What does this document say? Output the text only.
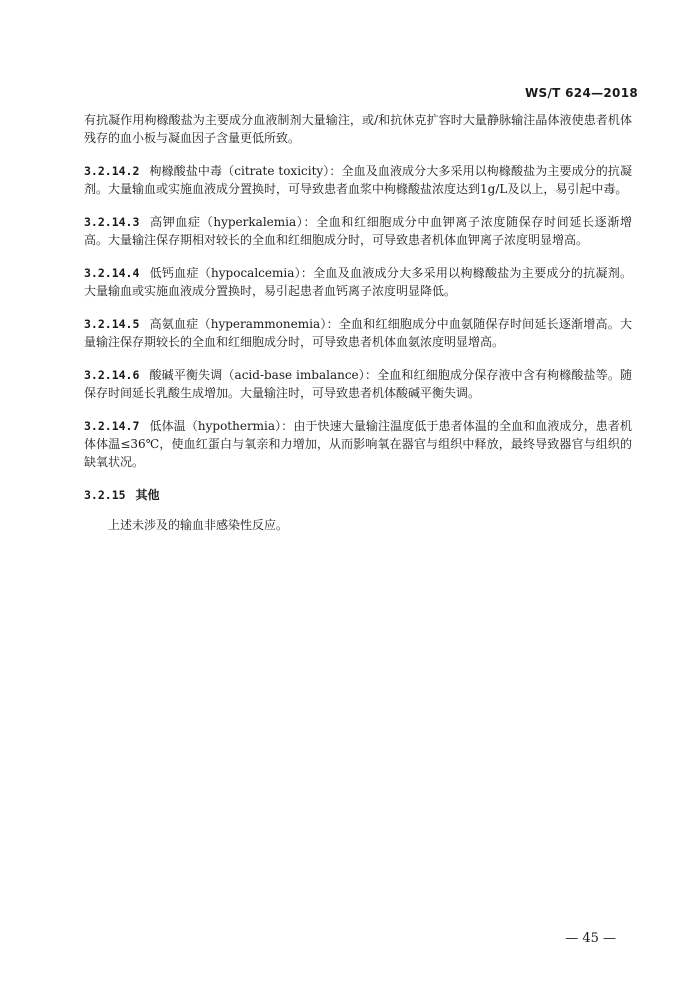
WS/T 624—2018

有抗凝作用枸橼酸盐为主要成分血液制剂大量输注，或/和抗休克扩容时大量静脉输注晶体液使患者机体残存的血小板与凝血因子含量更低所致。

3.2.14.2 枸橼酸盐中毒（citrate toxicity）：全血及血液成分大多采用以枸橼酸盐为主要成分的抗凝剂。大量输血或实施血液成分置换时，可导致患者血浆中枸橼酸盐浓度达到1g/L及以上，易引起中毒。

3.2.14.3 高钾血症（hyperkalemia）：全血和红细胞成分中血钾离子浓度随保存时间延长逐渐增高。大量输注保存期相对较长的全血和红细胞成分时，可导致患者机体血钾离子浓度明显增高。

3.2.14.4 低钙血症（hypocalcemia）：全血及血液成分大多采用以枸橼酸盐为主要成分的抗凝剂。大量输血或实施血液成分置换时，易引起患者血钙离子浓度明显降低。

3.2.14.5 高氨血症（hyperammonemia）：全血和红细胞成分中血氨随保存时间延长逐渐增高。大量输注保存期较长的全血和红细胞成分时，可导致患者机体血氨浓度明显增高。

3.2.14.6 酸碱平衡失调（acid-base imbalance）：全血和红细胞成分保存液中含有枸橼酸盐等。随保存时间延长乳酸生成增加。大量输注时，可导致患者机体酸碱平衡失调。

3.2.14.7 低体温（hypothermia）：由于快速大量输注温度低于患者体温的全血和血液成分，患者机体体温≤36℃，使血红蛋白与氧亲和力增加，从而影响氧在器官与组织中释放，最终导致器官与组织的缺氧状况。

3.2.15 其他

上述未涉及的输血非感染性反应。

— 45 —
